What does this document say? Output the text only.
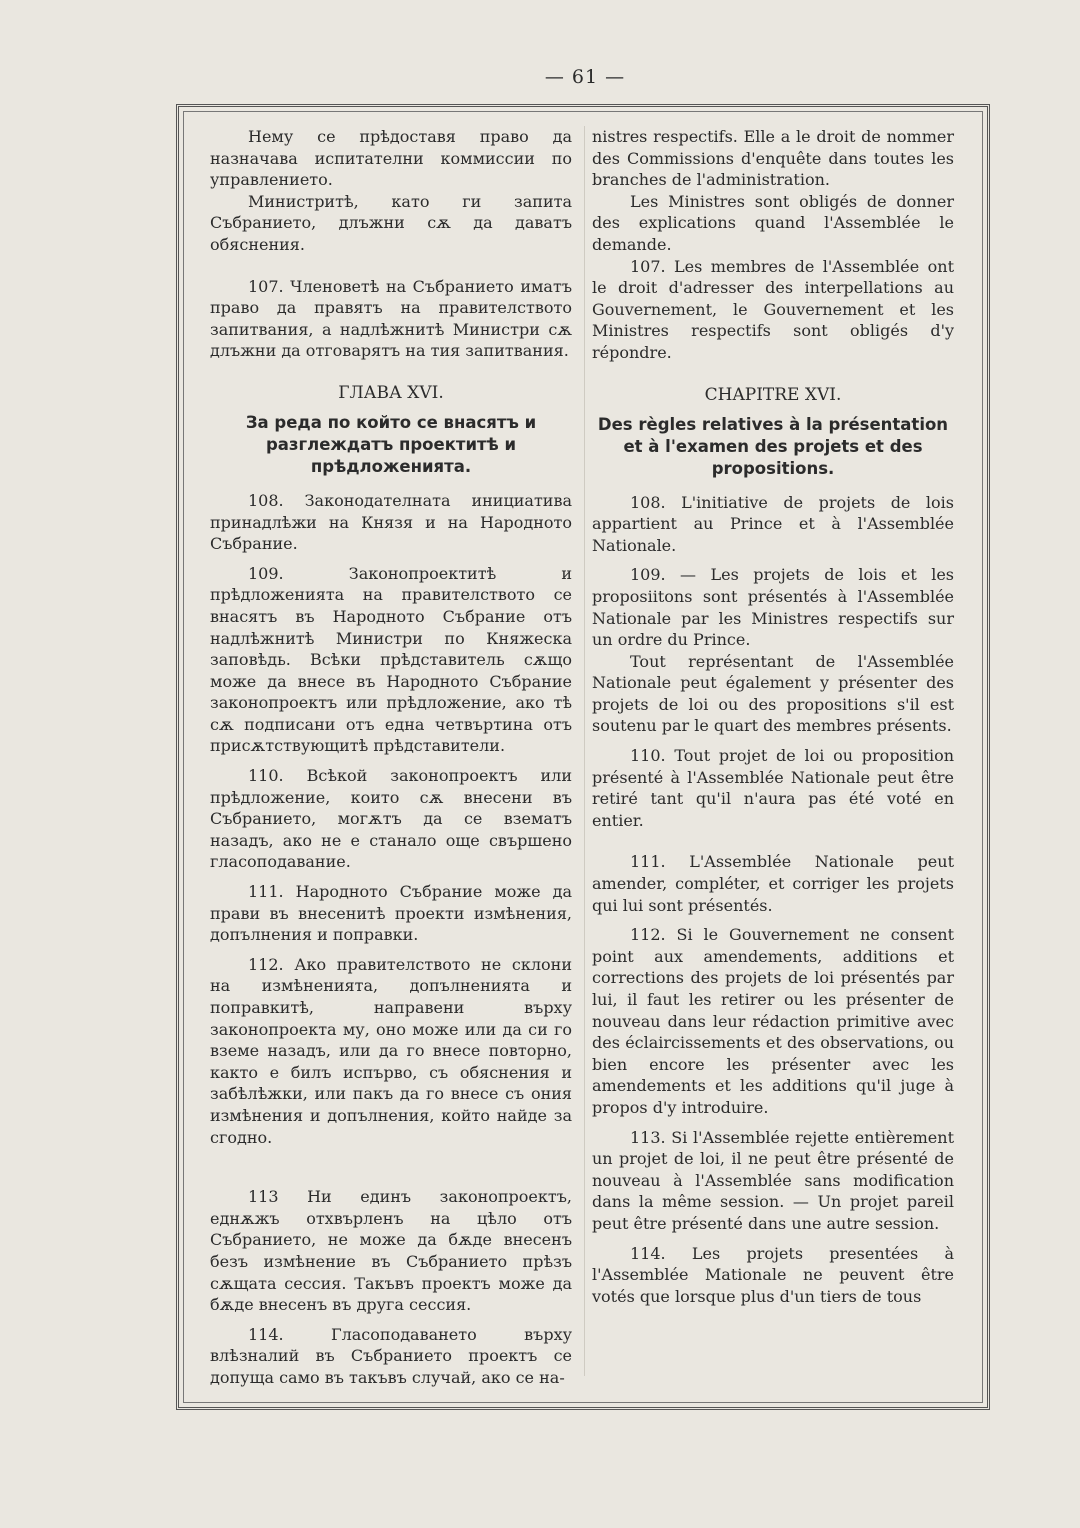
— 61 —

Нему се прѣдоставя право да назначава испитателни коммиссии по управлението.

Министритѣ, като ги запита Събранието, длъжни сѫ да даватъ обяснения.

107. Членоветѣ на Събранието иматъ право да правятъ на правителството запитвания, а надлѣжнитѣ Министри сѫ длъжни да отговарятъ на тия запитвания.

ГЛАВА XVI.

За реда по който се внасятъ и разглеждатъ проектитѣ и прѣдложенията.

108. Законодателната инициатива принадлѣжи на Князя и на Народното Събрание.

109. Законопроектитѣ и прѣдложенията на правителството се внасятъ въ Народното Събрание отъ надлѣжнитѣ Министри по Княжеска заповѣдь. Всѣки прѣдставитель сѫщо може да внесе въ Народното Събрание законопроектъ или прѣдложение, ако тѣ сѫ подписани отъ една четвъртина отъ присѫтствующитѣ прѣдставители.

110. Всѣкой законопроектъ или прѣдложение, които сѫ внесени въ Събранието, могѫтъ да се взематъ назадъ, ако не е станало още свършено гласоподавание.

111. Народното Събрание може да прави въ внесенитѣ проекти измѣнения, допълнения и поправки.

112. Ако правителството не склони на измѣненията, допълненията и поправкитѣ, направени върху законопроекта му, оно може или да си го вземе назадъ, или да го внесе повторно, както е билъ испърво, съ обяснения и забѣлѣжки, или пакъ да го внесе съ ония измѣнения и допълнения, който найде за сгодно.

113 Ни единъ законопроектъ, еднѫжъ отхвърленъ на цѣло отъ Събранието, не може да бѫде внесенъ безъ измѣнение въ Събранието прѣзъ сѫщата сессия. Такъвъ проектъ може да бѫде внесенъ въ друга сессия.

114. Гласоподаването върху влѣзналий въ Събранието проектъ се допуща само въ такъвъ случай, ако се на-

nistres respectifs. Elle a le droit de nommer des Commissions d'enquête dans toutes les branches de l'administration.

Les Ministres sont obligés de donner des explications quand l'Assemblée le demande.

107. Les membres de l'Assemblée ont le droit d'adresser des interpellations au Gouvernement, le Gouvernement et les Ministres respectifs sont obligés d'y répondre.

CHAPITRE XVI.

Des règles relatives à la présentation et à l'examen des projets et des propositions.

108. L'initiative de projets de lois appartient au Prince et à l'Assemblée Nationale.

109. — Les projets de lois et les proposiitons sont présentés à l'Assemblée Nationale par les Ministres respectifs sur un ordre du Prince.

Tout représentant de l'Assemblée Nationale peut également y présenter des projets de loi ou des propositions s'il est soutenu par le quart des membres présents.

110. Tout projet de loi ou proposition présenté à l'Assemblée Nationale peut être retiré tant qu'il n'aura pas été voté en entier.

111. L'Assemblée Nationale peut amender, compléter, et corriger les projets qui lui sont présentés.

112. Si le Gouvernement ne consent point aux amendements, additions et corrections des projets de loi présentés par lui, il faut les retirer ou les présenter de nouveau dans leur rédaction primitive avec des éclaircissements et des observations, ou bien encore les présenter avec les amendements et les additions qu'il juge à propos d'y introduire.

113. Si l'Assemblée rejette entièrement un projet de loi, il ne peut être présenté de nouveau à l'Assemblée sans modification dans la même session. — Un projet pareil peut être présenté dans une autre session.

114. Les projets presentées à l'Assemblée Mationale ne peuvent être votés que lorsque plus d'un tiers de tous
